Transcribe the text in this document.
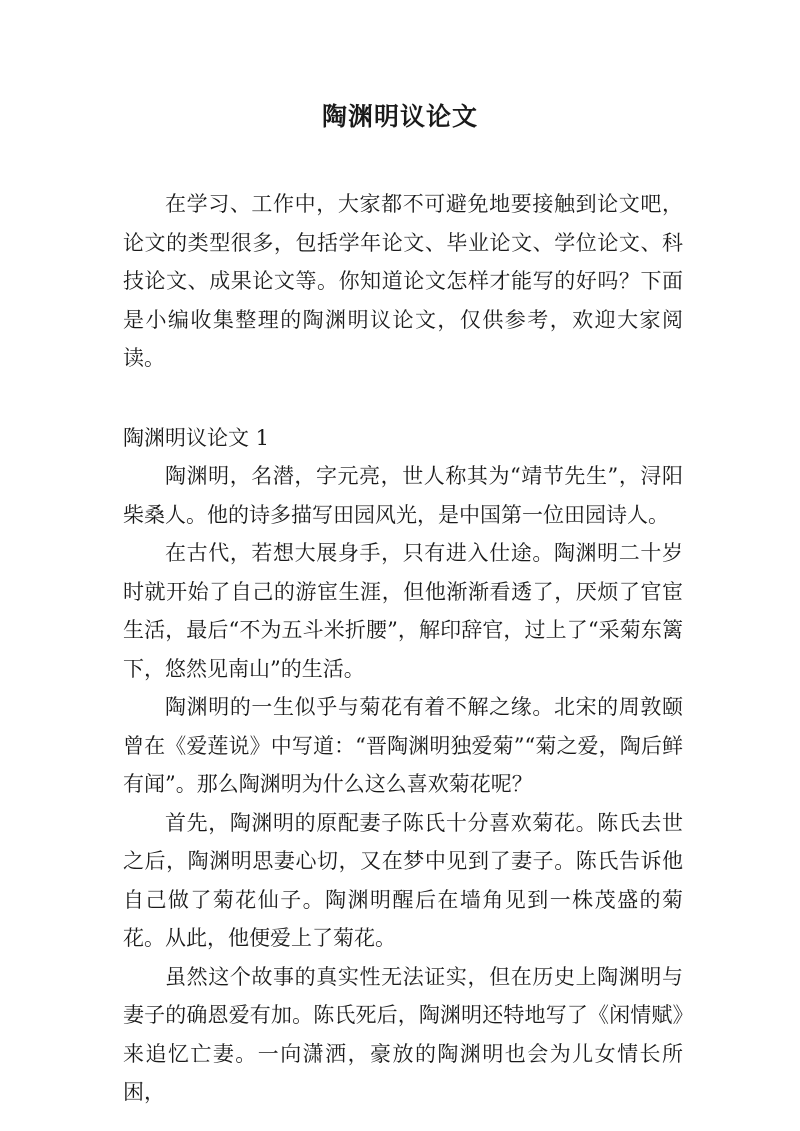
陶渊明议论文

在学习、工作中，大家都不可避免地要接触到论文吧，论文的类型很多，包括学年论文、毕业论文、学位论文、科技论文、成果论文等。你知道论文怎样才能写的好吗？下面是小编收集整理的陶渊明议论文，仅供参考，欢迎大家阅读。

陶渊明议论文 1

陶渊明，名潜，字元亮，世人称其为“靖节先生”，浔阳柴桑人。他的诗多描写田园风光，是中国第一位田园诗人。

在古代，若想大展身手，只有进入仕途。陶渊明二十岁时就开始了自己的游宦生涯，但他渐渐看透了，厌烦了官宦生活，最后“不为五斗米折腰”，解印辞官，过上了“采菊东篱下，悠然见南山”的生活。

陶渊明的一生似乎与菊花有着不解之缘。北宋的周敦颐曾在《爱莲说》中写道：“晋陶渊明独爱菊”“菊之爱，陶后鲜有闻”。那么陶渊明为什么这么喜欢菊花呢？

首先，陶渊明的原配妻子陈氏十分喜欢菊花。陈氏去世之后，陶渊明思妻心切，又在梦中见到了妻子。陈氏告诉他自己做了菊花仙子。陶渊明醒后在墙角见到一株茂盛的菊花。从此，他便爱上了菊花。

虽然这个故事的真实性无法证实，但在历史上陶渊明与妻子的确恩爱有加。陈氏死后，陶渊明还特地写了《闲情赋》来追忆亡妻。一向潇洒，豪放的陶渊明也会为儿女情长所困，
